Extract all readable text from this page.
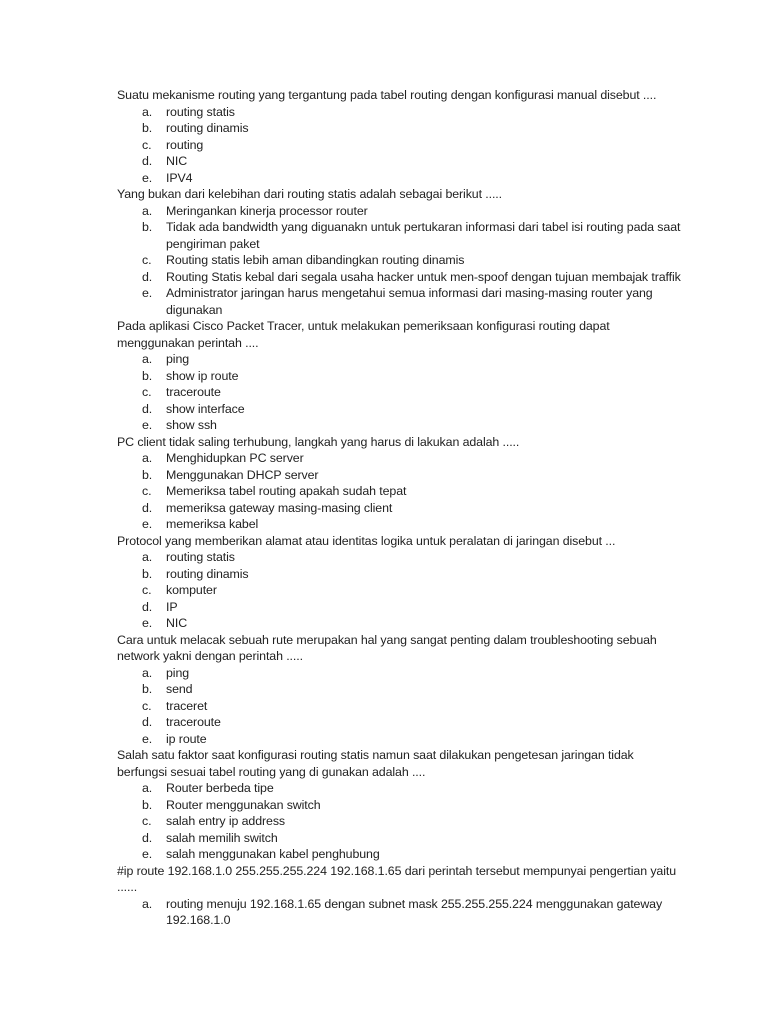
Suatu mekanisme routing yang tergantung pada tabel routing dengan konfigurasi manual disebut ....
a. routing statis
b. routing dinamis
c. routing
d. NIC
e. IPV4
Yang bukan dari kelebihan dari routing statis adalah sebagai berikut .....
a. Meringankan kinerja processor router
b. Tidak ada bandwidth yang diguanakn untuk pertukaran informasi dari tabel isi routing pada saat pengiriman paket
c. Routing statis lebih aman dibandingkan routing dinamis
d. Routing Statis kebal dari segala usaha hacker untuk men-spoof dengan tujuan membajak traffik
e. Administrator jaringan harus mengetahui semua informasi dari masing-masing router yang digunakan
Pada aplikasi Cisco Packet Tracer, untuk melakukan pemeriksaan konfigurasi routing dapat menggunakan perintah ....
a. ping
b. show ip route
c. traceroute
d. show interface
e. show ssh
PC client tidak saling terhubung, langkah yang harus di lakukan adalah .....
a. Menghidupkan PC server
b. Menggunakan DHCP server
c. Memeriksa tabel routing apakah sudah tepat
d. memeriksa gateway masing-masing client
e. memeriksa kabel
Protocol yang memberikan alamat atau identitas logika untuk peralatan di jaringan disebut ...
a. routing statis
b. routing dinamis
c. komputer
d. IP
e. NIC
Cara untuk melacak sebuah rute merupakan hal yang sangat penting dalam troubleshooting sebuah network yakni dengan perintah .....
a. ping
b. send
c. traceret
d. traceroute
e. ip route
Salah satu faktor saat konfigurasi routing statis namun saat dilakukan pengetesan jaringan tidak berfungsi sesuai tabel routing yang di gunakan adalah ....
a. Router berbeda tipe
b. Router menggunakan switch
c. salah entry ip address
d. salah memilih switch
e. salah menggunakan kabel penghubung
#ip route 192.168.1.0 255.255.255.224 192.168.1.65 dari perintah tersebut mempunyai pengertian yaitu ......
a. routing menuju 192.168.1.65 dengan subnet mask 255.255.255.224 menggunakan gateway 192.168.1.0
